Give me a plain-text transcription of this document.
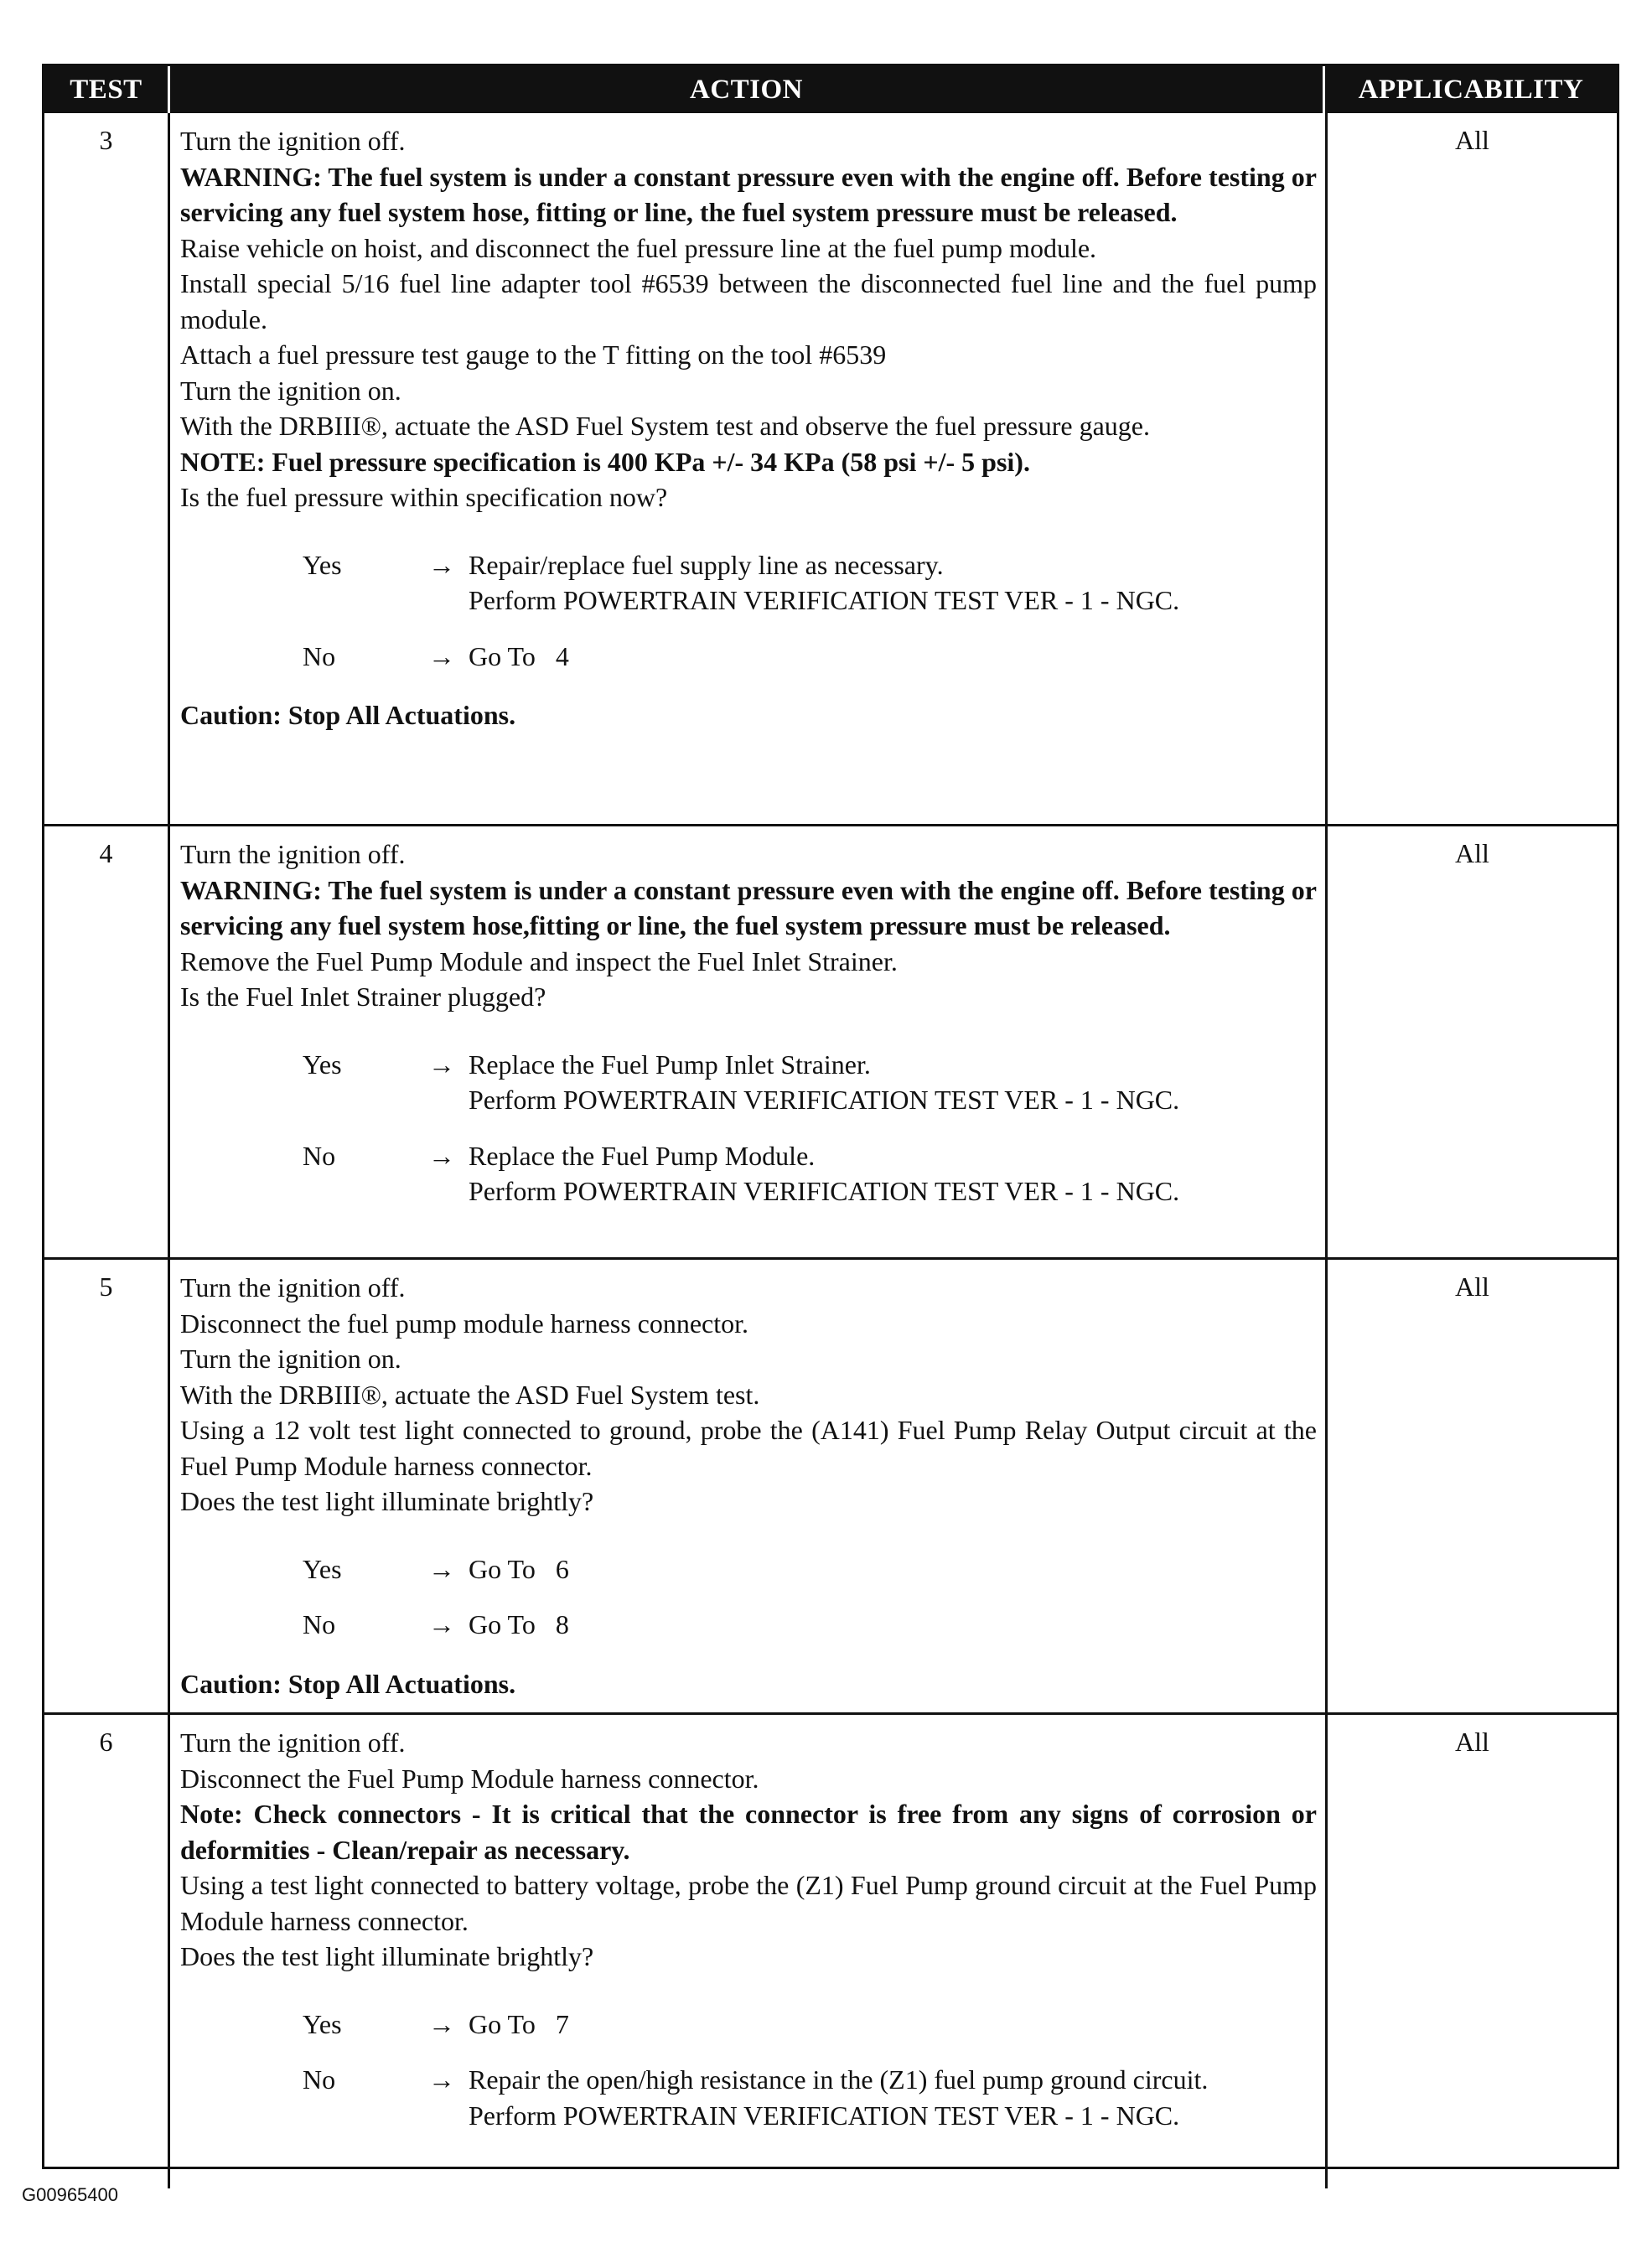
TEST	ACTION	APPLICABILITY
3	Turn the ignition off.
WARNING: The fuel system is under a constant pressure even with the engine off. Before testing or servicing any fuel system hose, fitting or line, the fuel system pressure must be released.
Raise vehicle on hoist, and disconnect the fuel pressure line at the fuel pump module.
Install special 5/16 fuel line adapter tool #6539 between the disconnected fuel line and the fuel pump module.
Attach a fuel pressure test gauge to the T fitting on the tool #6539
Turn the ignition on.
With the DRBIII®, actuate the ASD Fuel System test and observe the fuel pressure gauge.
NOTE: Fuel pressure specification is 400 KPa +/- 34 KPa (58 psi +/- 5 psi).
Is the fuel pressure within specification now?
Yes	→ Repair/replace fuel supply line as necessary.
Perform POWERTRAIN VERIFICATION TEST VER - 1 - NGC.
No	→ Go To   4
Caution: Stop All Actuations.
All
4	Turn the ignition off.
WARNING: The fuel system is under a constant pressure even with the engine off. Before testing or servicing any fuel system hose,fitting or line, the fuel system pressure must be released.
Remove the Fuel Pump Module and inspect the Fuel Inlet Strainer.
Is the Fuel Inlet Strainer plugged?
Yes	→ Replace the Fuel Pump Inlet Strainer.
Perform POWERTRAIN VERIFICATION TEST VER - 1 - NGC.
No	→ Replace the Fuel Pump Module.
Perform POWERTRAIN VERIFICATION TEST VER - 1 - NGC.
All
5	Turn the ignition off.
Disconnect the fuel pump module harness connector.
Turn the ignition on.
With the DRBIII®, actuate the ASD Fuel System test.
Using a 12 volt test light connected to ground, probe the (A141) Fuel Pump Relay Output circuit at the Fuel Pump Module harness connector.
Does the test light illuminate brightly?
Yes	→ Go To   6
No	→ Go To   8
Caution: Stop All Actuations.
All
6	Turn the ignition off.
Disconnect the Fuel Pump Module harness connector.
Note: Check connectors - It is critical that the connector is free from any signs of corrosion or deformities - Clean/repair as necessary.
Using a test light connected to battery voltage, probe the (Z1) Fuel Pump ground circuit at the Fuel Pump Module harness connector.
Does the test light illuminate brightly?
Yes	→ Go To   7
No	→ Repair the open/high resistance in the (Z1) fuel pump ground circuit.
Perform POWERTRAIN VERIFICATION TEST VER - 1 - NGC.
All
G00965400
